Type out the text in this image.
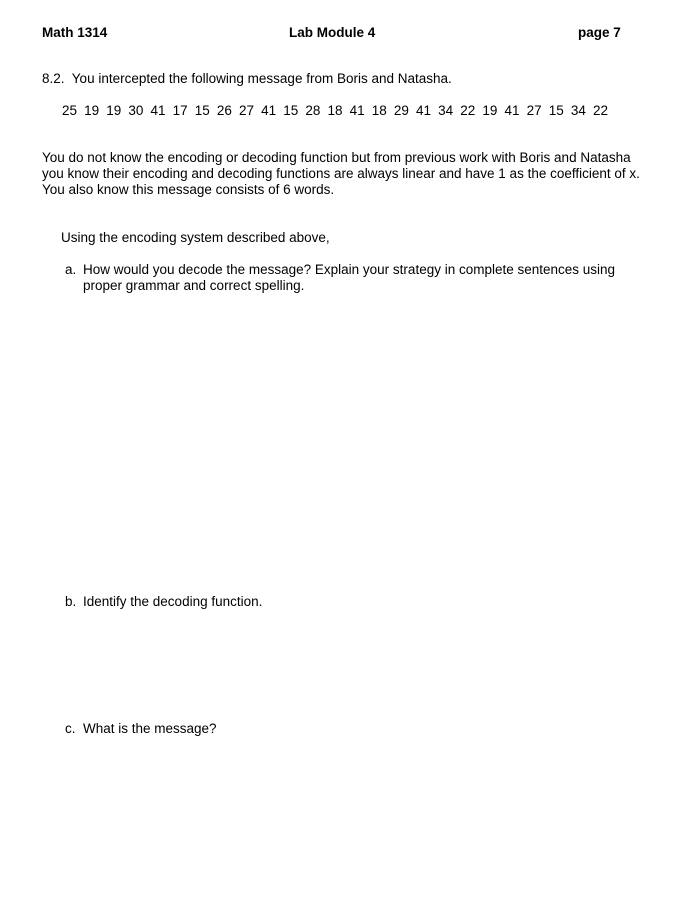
Math 1314	Lab Module 4	page 7
8.2. You intercepted the following message from Boris and Natasha.
25 19 19 30 41 17 15 26 27 41 15 28 18 41 18 29 41 34 22 19 41 27 15 34 22
You do not know the encoding or decoding function but from previous work with Boris and Natasha
you know their encoding and decoding functions are always linear and have 1 as the coefficient of x.
You also know this message consists of 6 words.
Using the encoding system described above,
a. How would you decode the message? Explain your strategy in complete sentences using
proper grammar and correct spelling.
b. Identify the decoding function.
c. What is the message?
